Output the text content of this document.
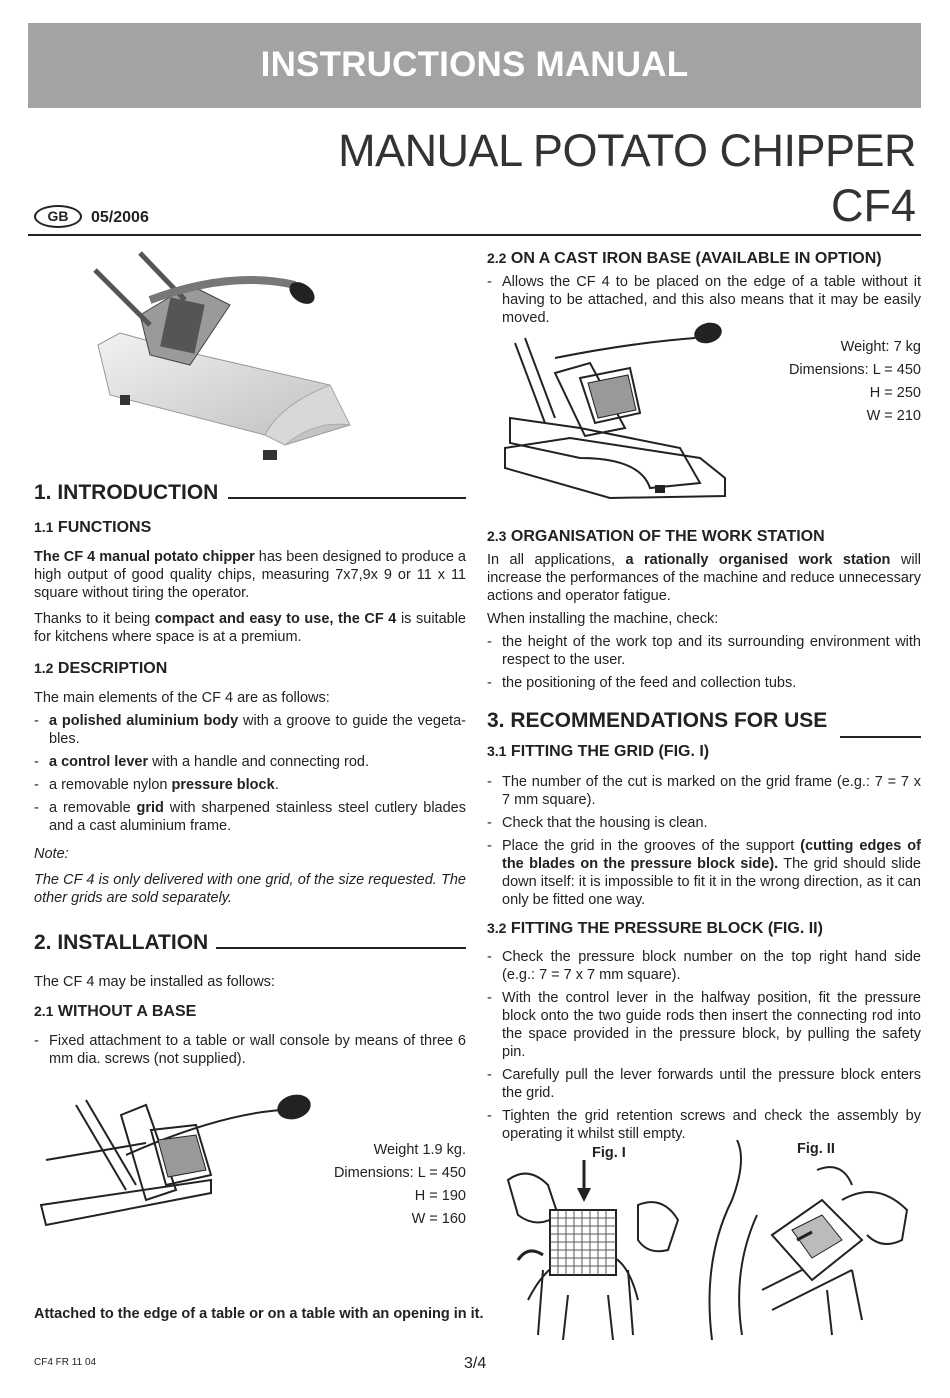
INSTRUCTIONS MANUAL
MANUAL POTATO CHIPPER
CF4
GB	05/2006
1. INTRODUCTION
1.1 FUNCTIONS
The CF 4 manual potato chipper has been designed to produce a high output of good quality chips, measuring 7x7,9x 9 or 11 x 11 square without tiring the operator.
Thanks to it being compact and easy to use, the CF 4 is suitable for kitchens where space is at a premium.
1.2 DESCRIPTION
The main elements of the CF 4 are as follows:
- a polished aluminium body with a groove to guide the vegeta-bles.
- a control lever with a handle and connecting rod.
- a removable nylon pressure block.
- a removable grid with sharpened stainless steel cutlery blades and a cast aluminium frame.
Note:
The CF 4 is only delivered with one grid, of the size requested. The other grids are sold separately.
2. INSTALLATION
The CF 4 may be installed as follows:
2.1 WITHOUT A BASE
- Fixed attachment to a table or wall console by means of three 6 mm dia. screws (not supplied).
Weight 1.9 kg.
Dimensions: L = 450
H = 190
W = 160
Attached to the edge of a table or on a table with an opening in it.
2.2 ON A CAST IRON BASE (AVAILABLE IN OPTION)
- Allows the CF 4 to be placed on the edge of a table without it having to be attached, and this also means that it may be easily moved.
Weight: 7 kg
Dimensions: L = 450
H = 250
W = 210
2.3 ORGANISATION OF THE WORK STATION
In all applications, a rationally organised work station will increase the performances of the machine and reduce unnecessary actions and operator fatigue.
When installing the machine, check:
- the height of the work top and its surrounding environment with respect to the user.
- the positioning of the feed and collection tubs.
3. RECOMMENDATIONS FOR USE
3.1 FITTING THE GRID (FIG. I)
- The number of the cut is marked on the grid frame (e.g.: 7 = 7 x 7 mm square).
- Check that the housing is clean.
- Place the grid in the grooves of the support (cutting edges of the blades on the pressure block side). The grid should slide down itself: it is impossible to fit it in the wrong direction, as it can only be fitted one way.
3.2 FITTING THE PRESSURE BLOCK (FIG. II)
- Check the pressure block number on the top right hand side (e.g.: 7 = 7 x 7 mm square).
- With the control lever in the halfway position, fit the pressure block onto the two guide rods then insert the connecting rod into the space provided in the pressure block, by pulling the safety pin.
- Carefully pull the lever forwards until the pressure block enters the grid.
- Tighten the grid retention screws and check the assembly by operating it whilst still empty.
Fig. I	Fig. II
CF4 FR 11 04	3/4
